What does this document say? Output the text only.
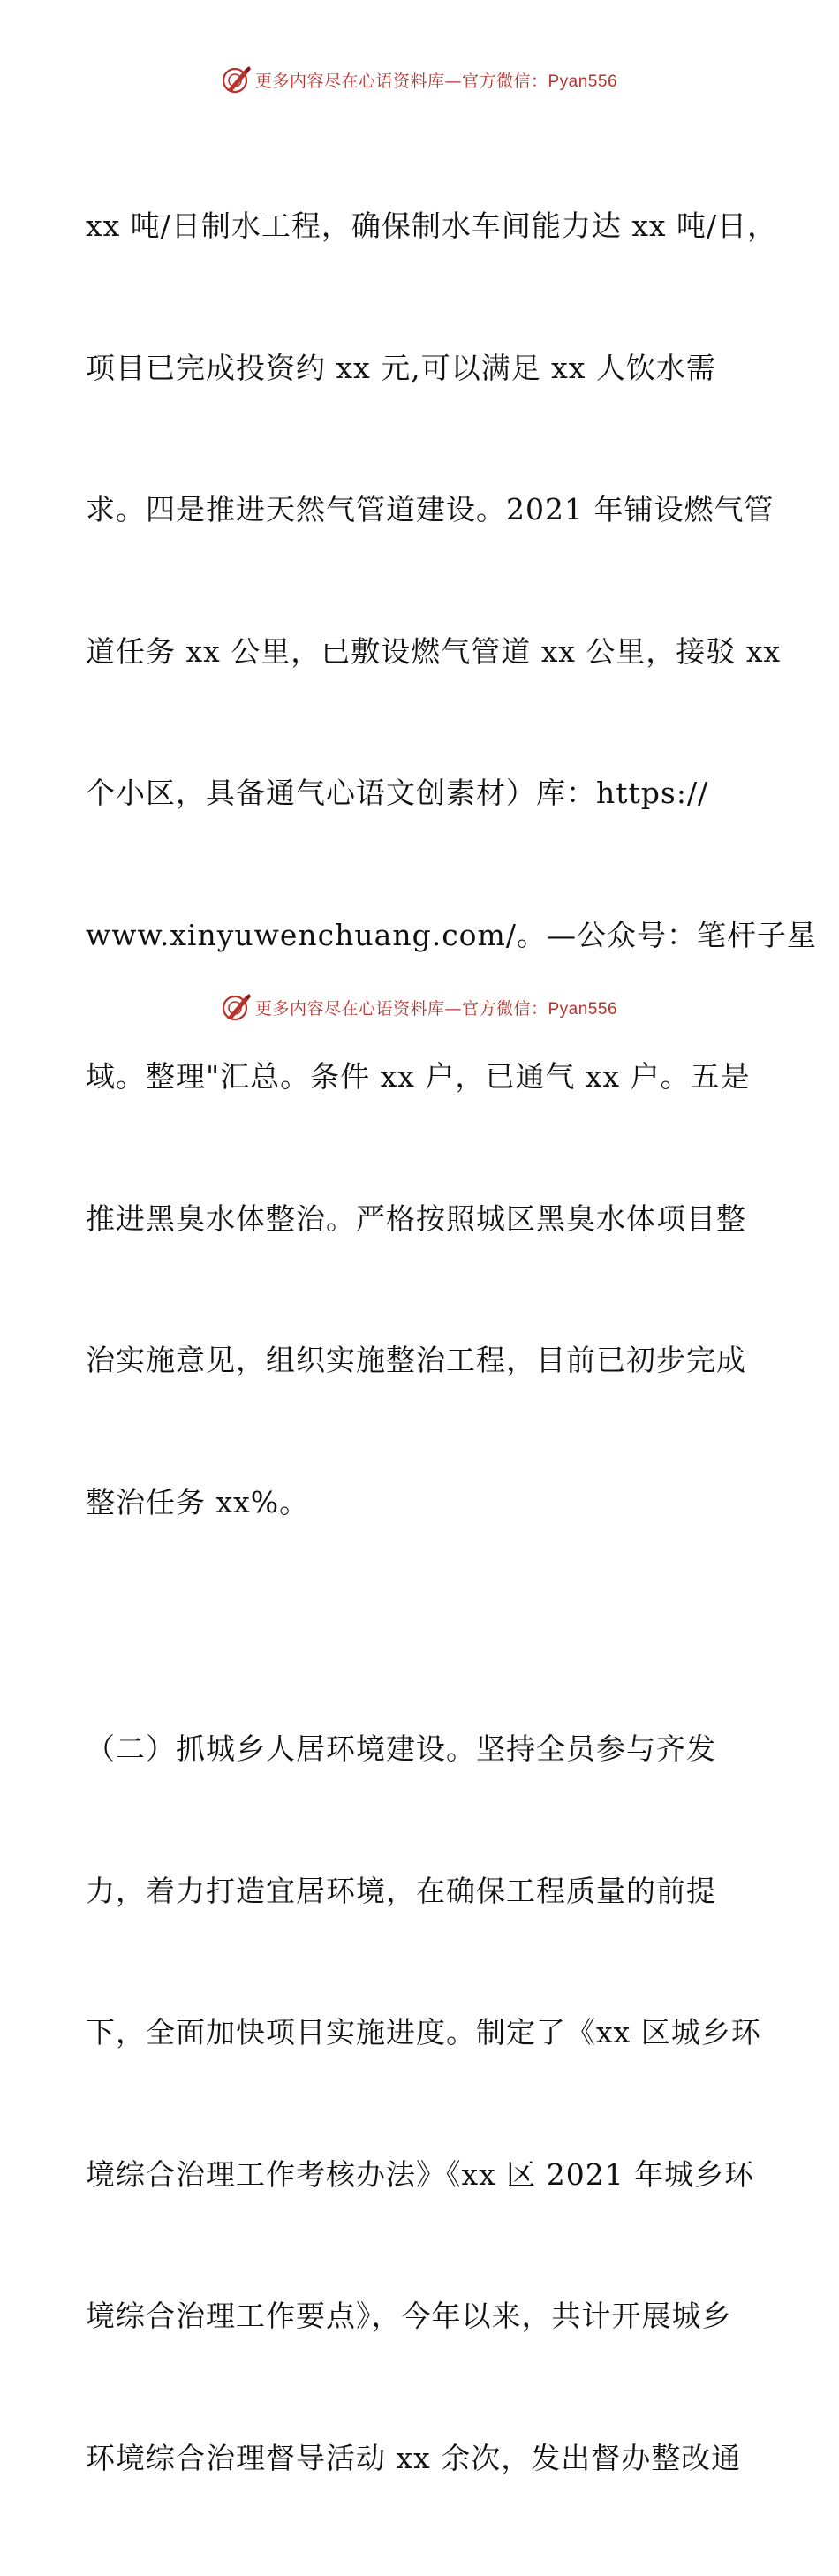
更多内容尽在心语资料库—官方微信：Pyan556

xx 吨/日制水工程，确保制水车间能力达 xx 吨/日，

项目已完成投资约 xx 元,可以满足 xx 人饮水需

求。四是推进天然气管道建设。2021 年铺设燃气管

道任务 xx 公里，已敷设燃气管道 xx 公里，接驳 xx

个小区，具备通气心语文创素材）库：https://

www.xinyuwenchuang.com/。—公众号：笔杆子星

域。整理"汇总。条件 xx 户，已通气 xx 户。五是

推进黑臭水体整治。严格按照城区黑臭水体项目整

治实施意见，组织实施整治工程，目前已初步完成

整治任务 xx%。

（二）抓城乡人居环境建设。坚持全员参与齐发

力，着力打造宜居环境，在确保工程质量的前提

下，全面加快项目实施进度。制定了《xx 区城乡环

境综合治理工作考核办法》《xx 区 2021 年城乡环

境综合治理工作要点》，今年以来，共计开展城乡

环境综合治理督导活动 xx 余次，发出督办整改通

更多内容尽在心语资料库—官方微信：Pyan556
